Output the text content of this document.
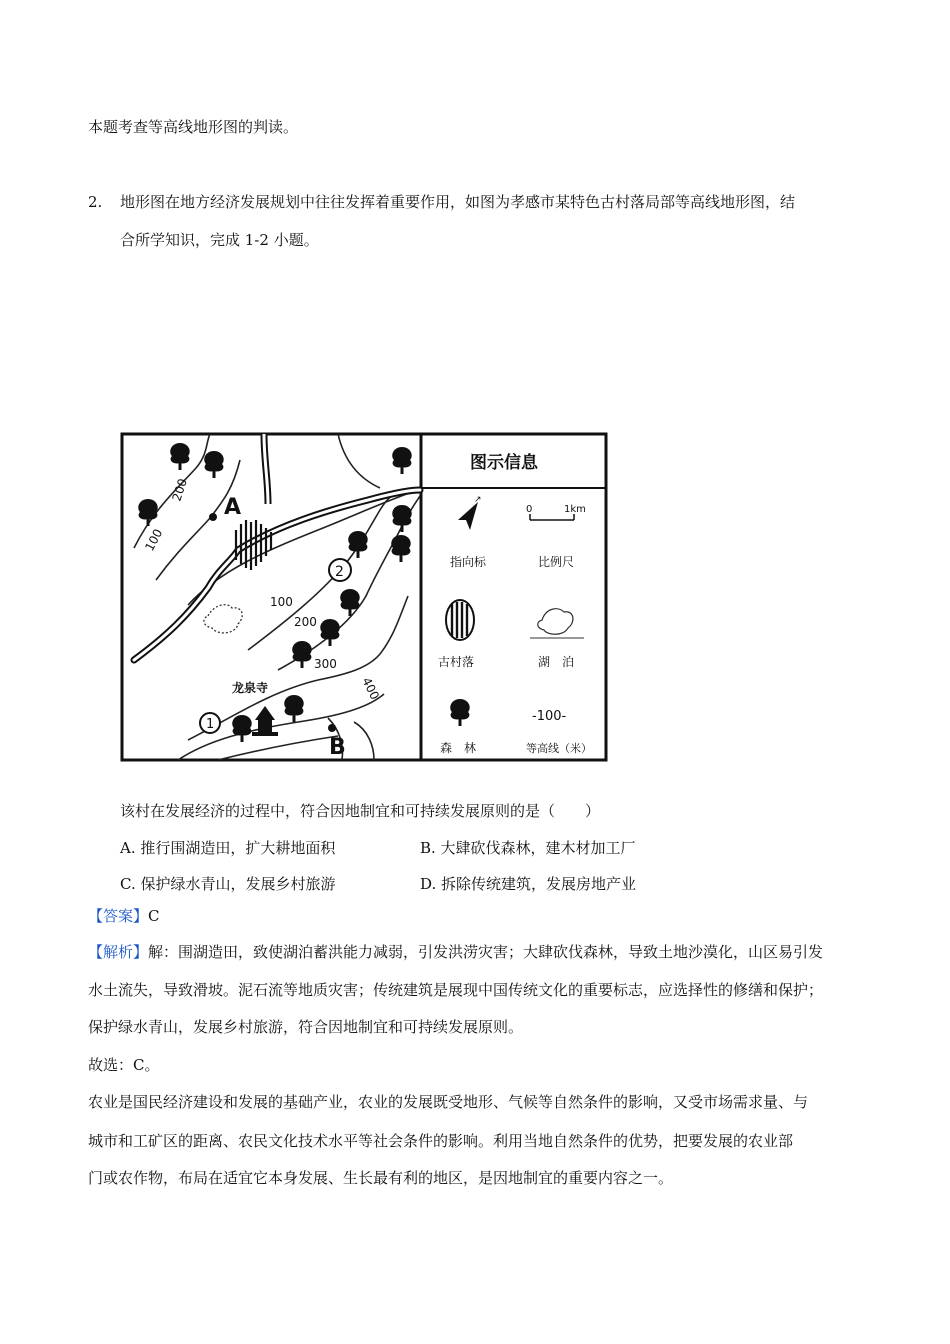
本题考查等高线地形图的判读。
2. 地形图在地方经济发展规划中往往发挥着重要作用，如图为孝感市某特色古村落局部等高线地形图，结
合所学知识，完成 1-2 小题。
A
B
2
1
100
200
100
200
300
400
龙泉寺
图示信息
↗
指向标
0	1km
比例尺
古村落	湖　泊
森　林
-100-
等高线（米）
该村在发展经济的过程中，符合因地制宜和可持续发展原则的是（　　）
A. 推行围湖造田，扩大耕地面积	B. 大肆砍伐森林，建木材加工厂
C. 保护绿水青山，发展乡村旅游	D. 拆除传统建筑，发展房地产业
【答案】C
【解析】解：围湖造田，致使湖泊蓄洪能力减弱，引发洪涝灾害；大肆砍伐森林，导致土地沙漠化，山区易引发
水土流失，导致滑坡。泥石流等地质灾害；传统建筑是展现中国传统文化的重要标志，应选择性的修缮和保护；
保护绿水青山，发展乡村旅游，符合因地制宜和可持续发展原则。
故选：C。
农业是国民经济建设和发展的基础产业，农业的发展既受地形、气候等自然条件的影响，又受市场需求量、与
城市和工矿区的距离、农民文化技术水平等社会条件的影响。利用当地自然条件的优势，把要发展的农业部
门或农作物，布局在适宜它本身发展、生长最有利的地区，是因地制宜的重要内容之一。
